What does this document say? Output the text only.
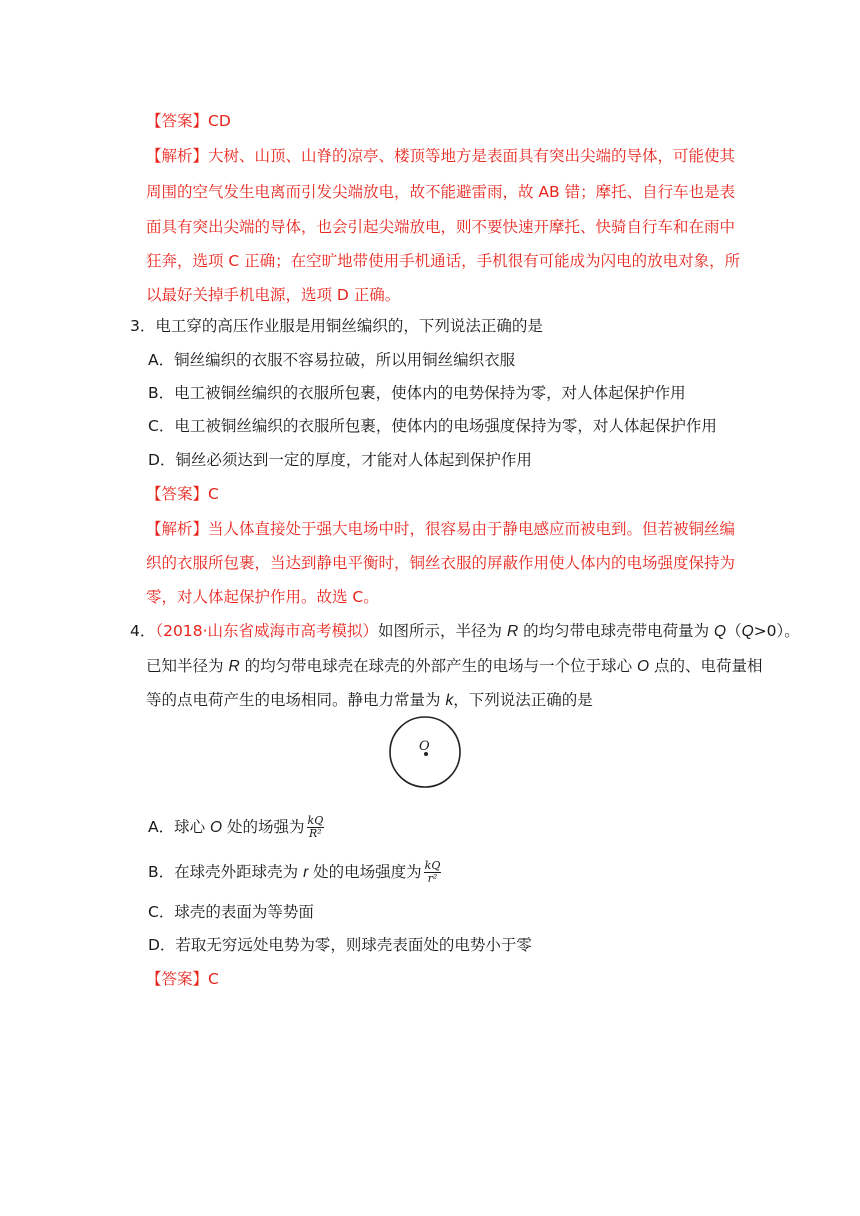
【答案】CD
【解析】大树、山顶、山脊的凉亭、楼顶等地方是表面具有突出尖端的导体，可能使其
周围的空气发生电离而引发尖端放电，故不能避雷雨，故 AB 错；摩托、自行车也是表
面具有突出尖端的导体，也会引起尖端放电，则不要快速开摩托、快骑自行车和在雨中
狂奔，选项 C 正确；在空旷地带使用手机通话，手机很有可能成为闪电的放电对象，所
以最好关掉手机电源，选项 D 正确。
3．电工穿的高压作业服是用铜丝编织的，下列说法正确的是
A．铜丝编织的衣服不容易拉破，所以用铜丝编织衣服
B．电工被铜丝编织的衣服所包裹，使体内的电势保持为零，对人体起保护作用
C．电工被铜丝编织的衣服所包裹，使体内的电场强度保持为零，对人体起保护作用
D．铜丝必须达到一定的厚度，才能对人体起到保护作用
【答案】C
【解析】当人体直接处于强大电场中时，很容易由于静电感应而被电到。但若被铜丝编
织的衣服所包裹，当达到静电平衡时，铜丝衣服的屏蔽作用使人体内的电场强度保持为
零，对人体起保护作用。故选 C。
4．（2018·山东省威海市高考模拟）如图所示，半径为 R 的均匀带电球壳带电荷量为 Q（Q>0）。
已知半径为 R 的均匀带电球壳在球壳的外部产生的电场与一个位于球心 O 点的、电荷量相
等的点电荷产生的电场相同。静电力常量为 k，下列说法正确的是
O
A．球心 O 处的场强为 $\frac{kQ}{\text{R²}}$
B．在球壳外距球壳为 r 处的电场强度为 $\frac{kQ}{\text{r²}}$
C．球壳的表面为等势面
D．若取无穷远处电势为零，则球壳表面处的电势小于零
【答案】C
